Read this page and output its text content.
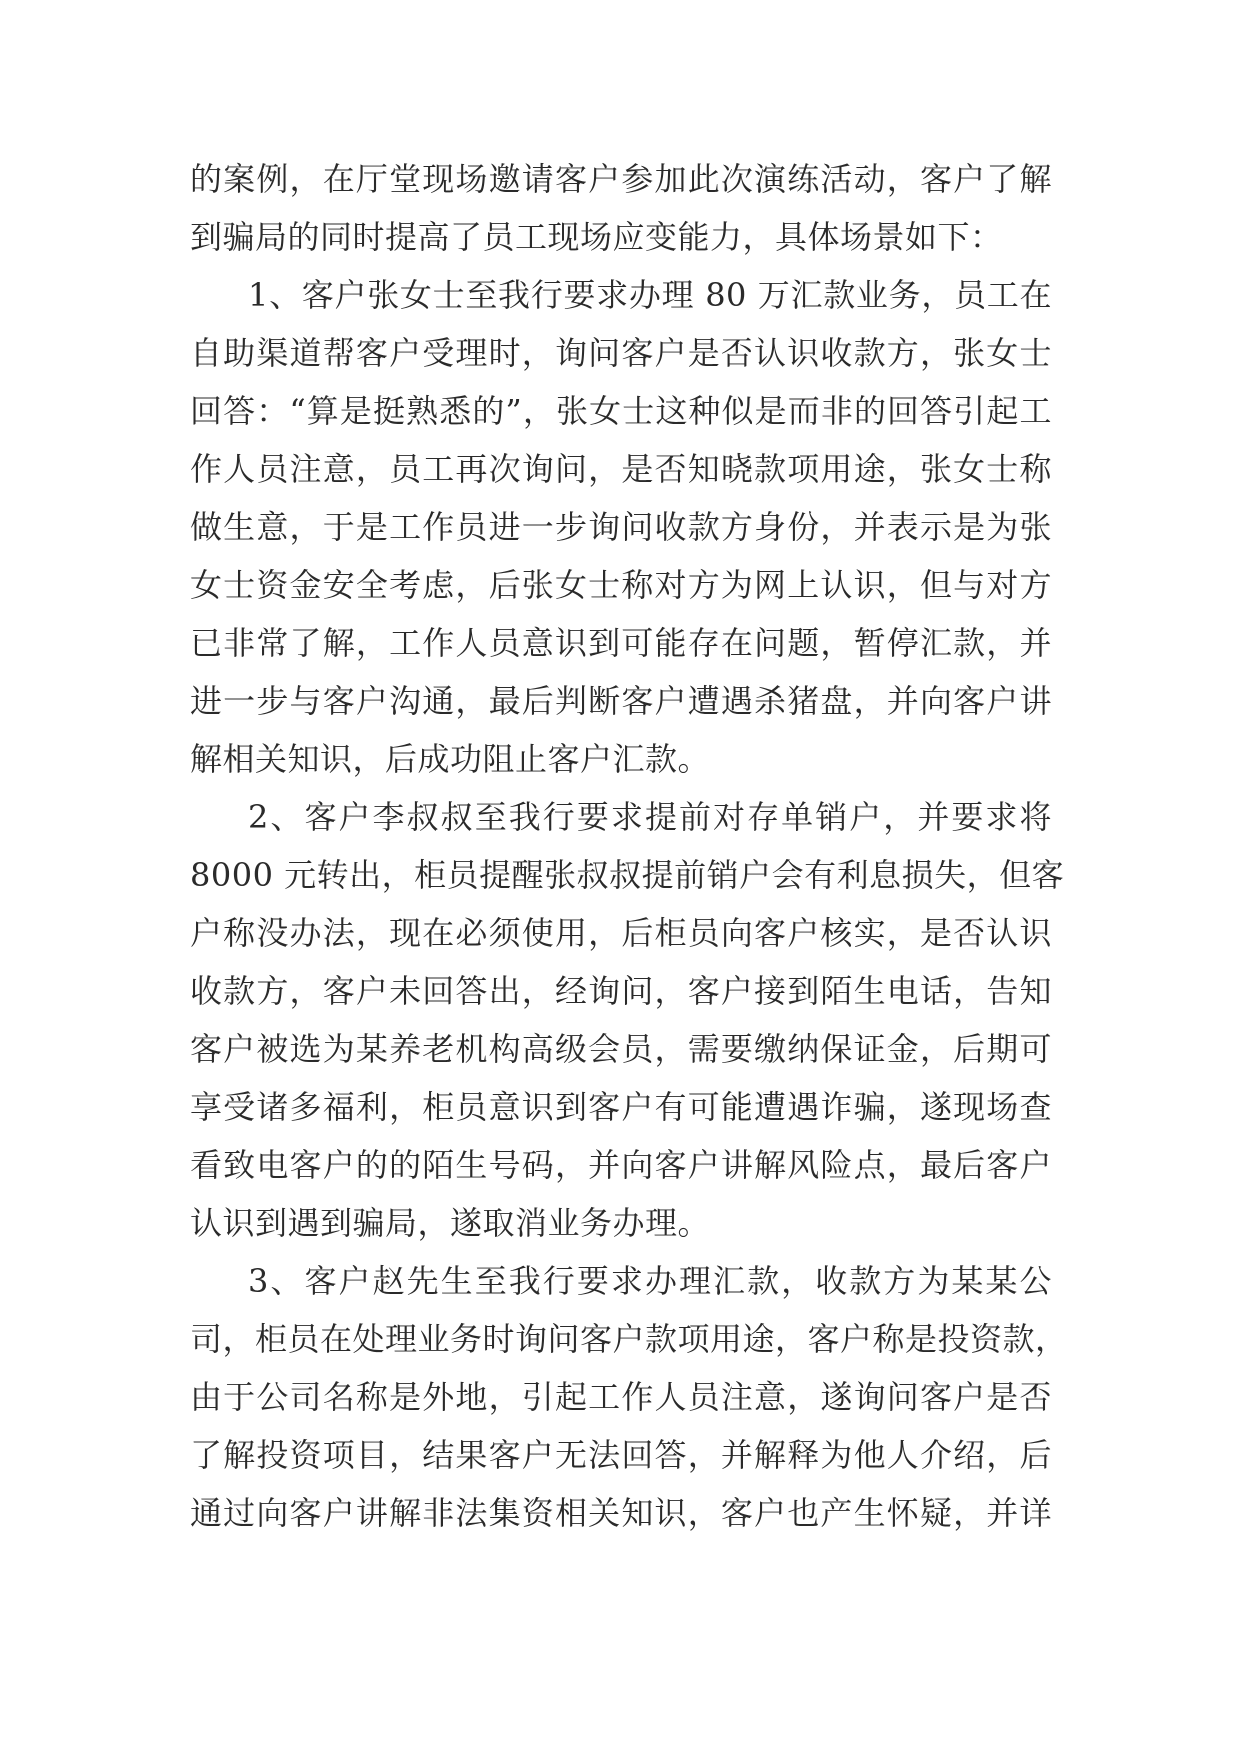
的案例，在厅堂现场邀请客户参加此次演练活动，客户了解
到骗局的同时提高了员工现场应变能力，具体场景如下：
1、客户张女士至我行要求办理 80 万汇款业务，员工在
自助渠道帮客户受理时，询问客户是否认识收款方，张女士
回答：“算是挺熟悉的”，张女士这种似是而非的回答引起工
作人员注意，员工再次询问，是否知晓款项用途，张女士称
做生意，于是工作员进一步询问收款方身份，并表示是为张
女士资金安全考虑，后张女士称对方为网上认识，但与对方
已非常了解，工作人员意识到可能存在问题，暂停汇款，并
进一步与客户沟通，最后判断客户遭遇杀猪盘，并向客户讲
解相关知识，后成功阻止客户汇款。
2、客户李叔叔至我行要求提前对存单销户，并要求将
8000 元转出，柜员提醒张叔叔提前销户会有利息损失，但客
户称没办法，现在必须使用，后柜员向客户核实，是否认识
收款方，客户未回答出，经询问，客户接到陌生电话，告知
客户被选为某养老机构高级会员，需要缴纳保证金，后期可
享受诸多福利，柜员意识到客户有可能遭遇诈骗，遂现场查
看致电客户的的陌生号码，并向客户讲解风险点，最后客户
认识到遇到骗局，遂取消业务办理。
3、客户赵先生至我行要求办理汇款，收款方为某某公
司，柜员在处理业务时询问客户款项用途，客户称是投资款，
由于公司名称是外地，引起工作人员注意，遂询问客户是否
了解投资项目，结果客户无法回答，并解释为他人介绍，后
通过向客户讲解非法集资相关知识，客户也产生怀疑，并详
